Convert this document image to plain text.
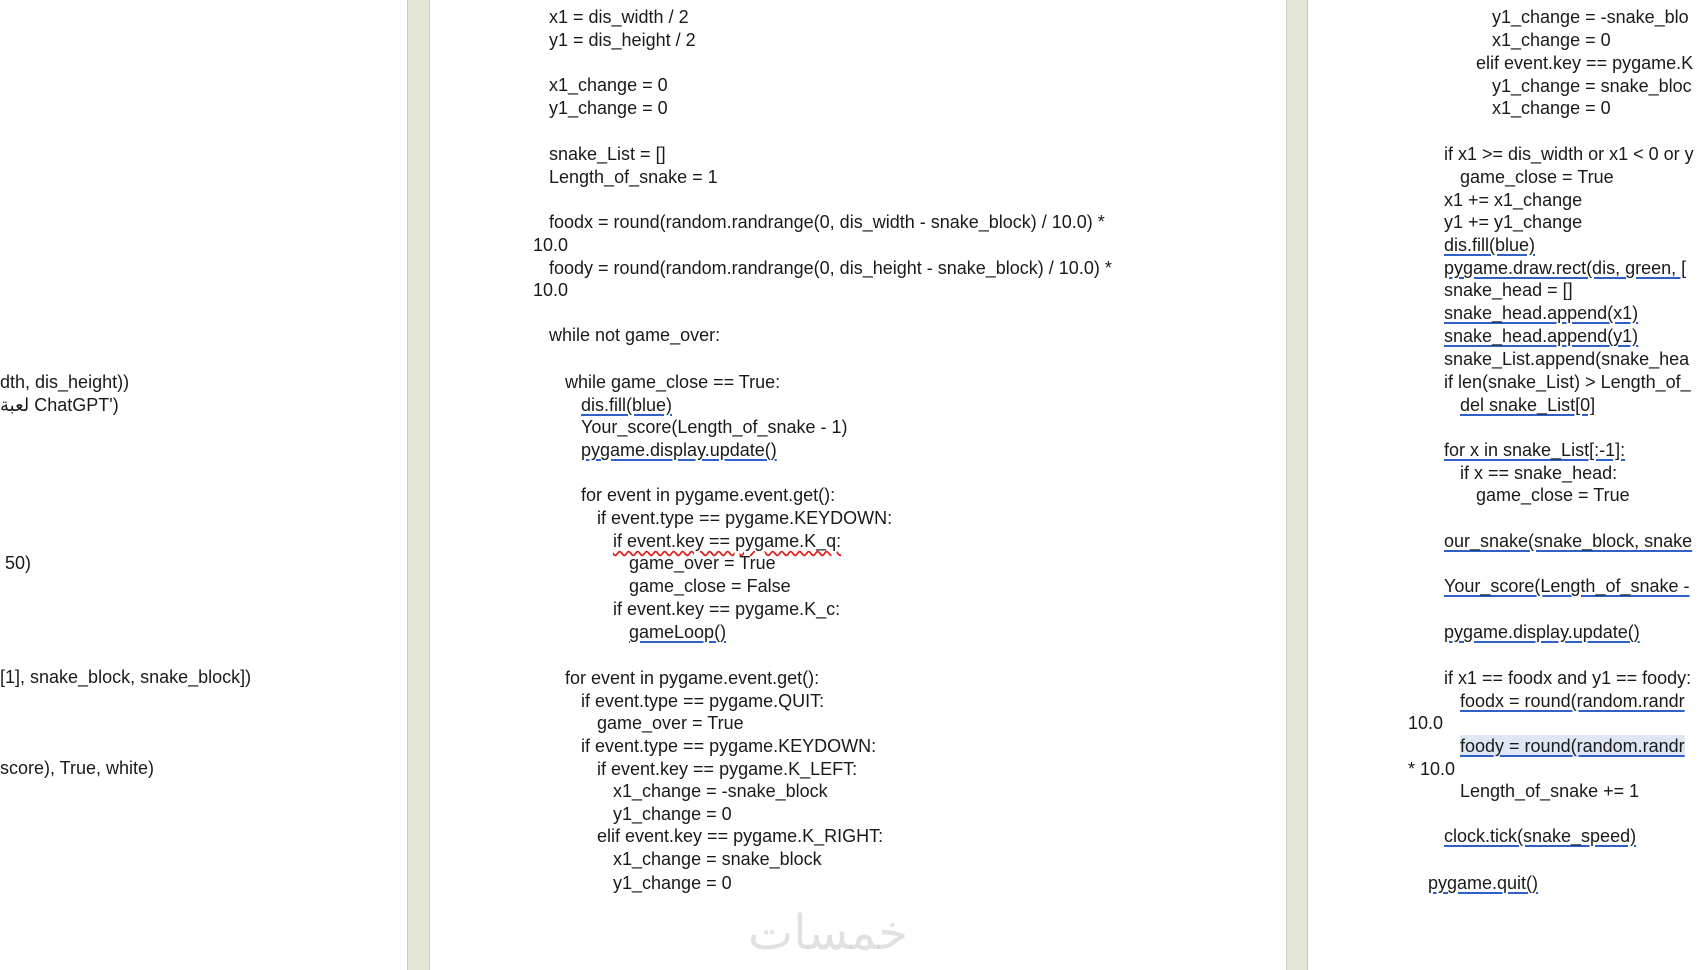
dth, dis_height))
لعبة ChatGPT')
50)
[1], snake_block, snake_block])
score), True, white)
x1 = dis_width / 2
y1 = dis_height / 2
x1_change = 0
y1_change = 0
snake_List = []
Length_of_snake = 1
foodx = round(random.randrange(0, dis_width - snake_block) / 10.0) *
10.0
foody = round(random.randrange(0, dis_height - snake_block) / 10.0) *
10.0
while not game_over:
while game_close == True:
dis.fill(blue)
Your_score(Length_of_snake - 1)
pygame.display.update()
for event in pygame.event.get():
if event.type == pygame.KEYDOWN:
if event.key == pygame.K_q:
game_over = True
game_close = False
if event.key == pygame.K_c:
gameLoop()
for event in pygame.event.get():
if event.type == pygame.QUIT:
game_over = True
if event.type == pygame.KEYDOWN:
if event.key == pygame.K_LEFT:
x1_change = -snake_block
y1_change = 0
elif event.key == pygame.K_RIGHT:
x1_change = snake_block
y1_change = 0
y1_change = -snake_blo
x1_change = 0
elif event.key == pygame.K
y1_change = snake_bloc
x1_change = 0
if x1 >= dis_width or x1 < 0 or y
game_close = True
x1 += x1_change
y1 += y1_change
dis.fill(blue)
pygame.draw.rect(dis, green, [
snake_head = []
snake_head.append(x1)
snake_head.append(y1)
snake_List.append(snake_hea
if len(snake_List) > Length_of_
del snake_List[0]
for x in snake_List[:-1]:
if x == snake_head:
game_close = True
our_snake(snake_block, snake
Your_score(Length_of_snake -
pygame.display.update()
if x1 == foodx and y1 == foody:
foodx = round(random.randr
10.0
foody = round(random.randr
* 10.0
Length_of_snake += 1
clock.tick(snake_speed)
pygame.quit()
خمسات
